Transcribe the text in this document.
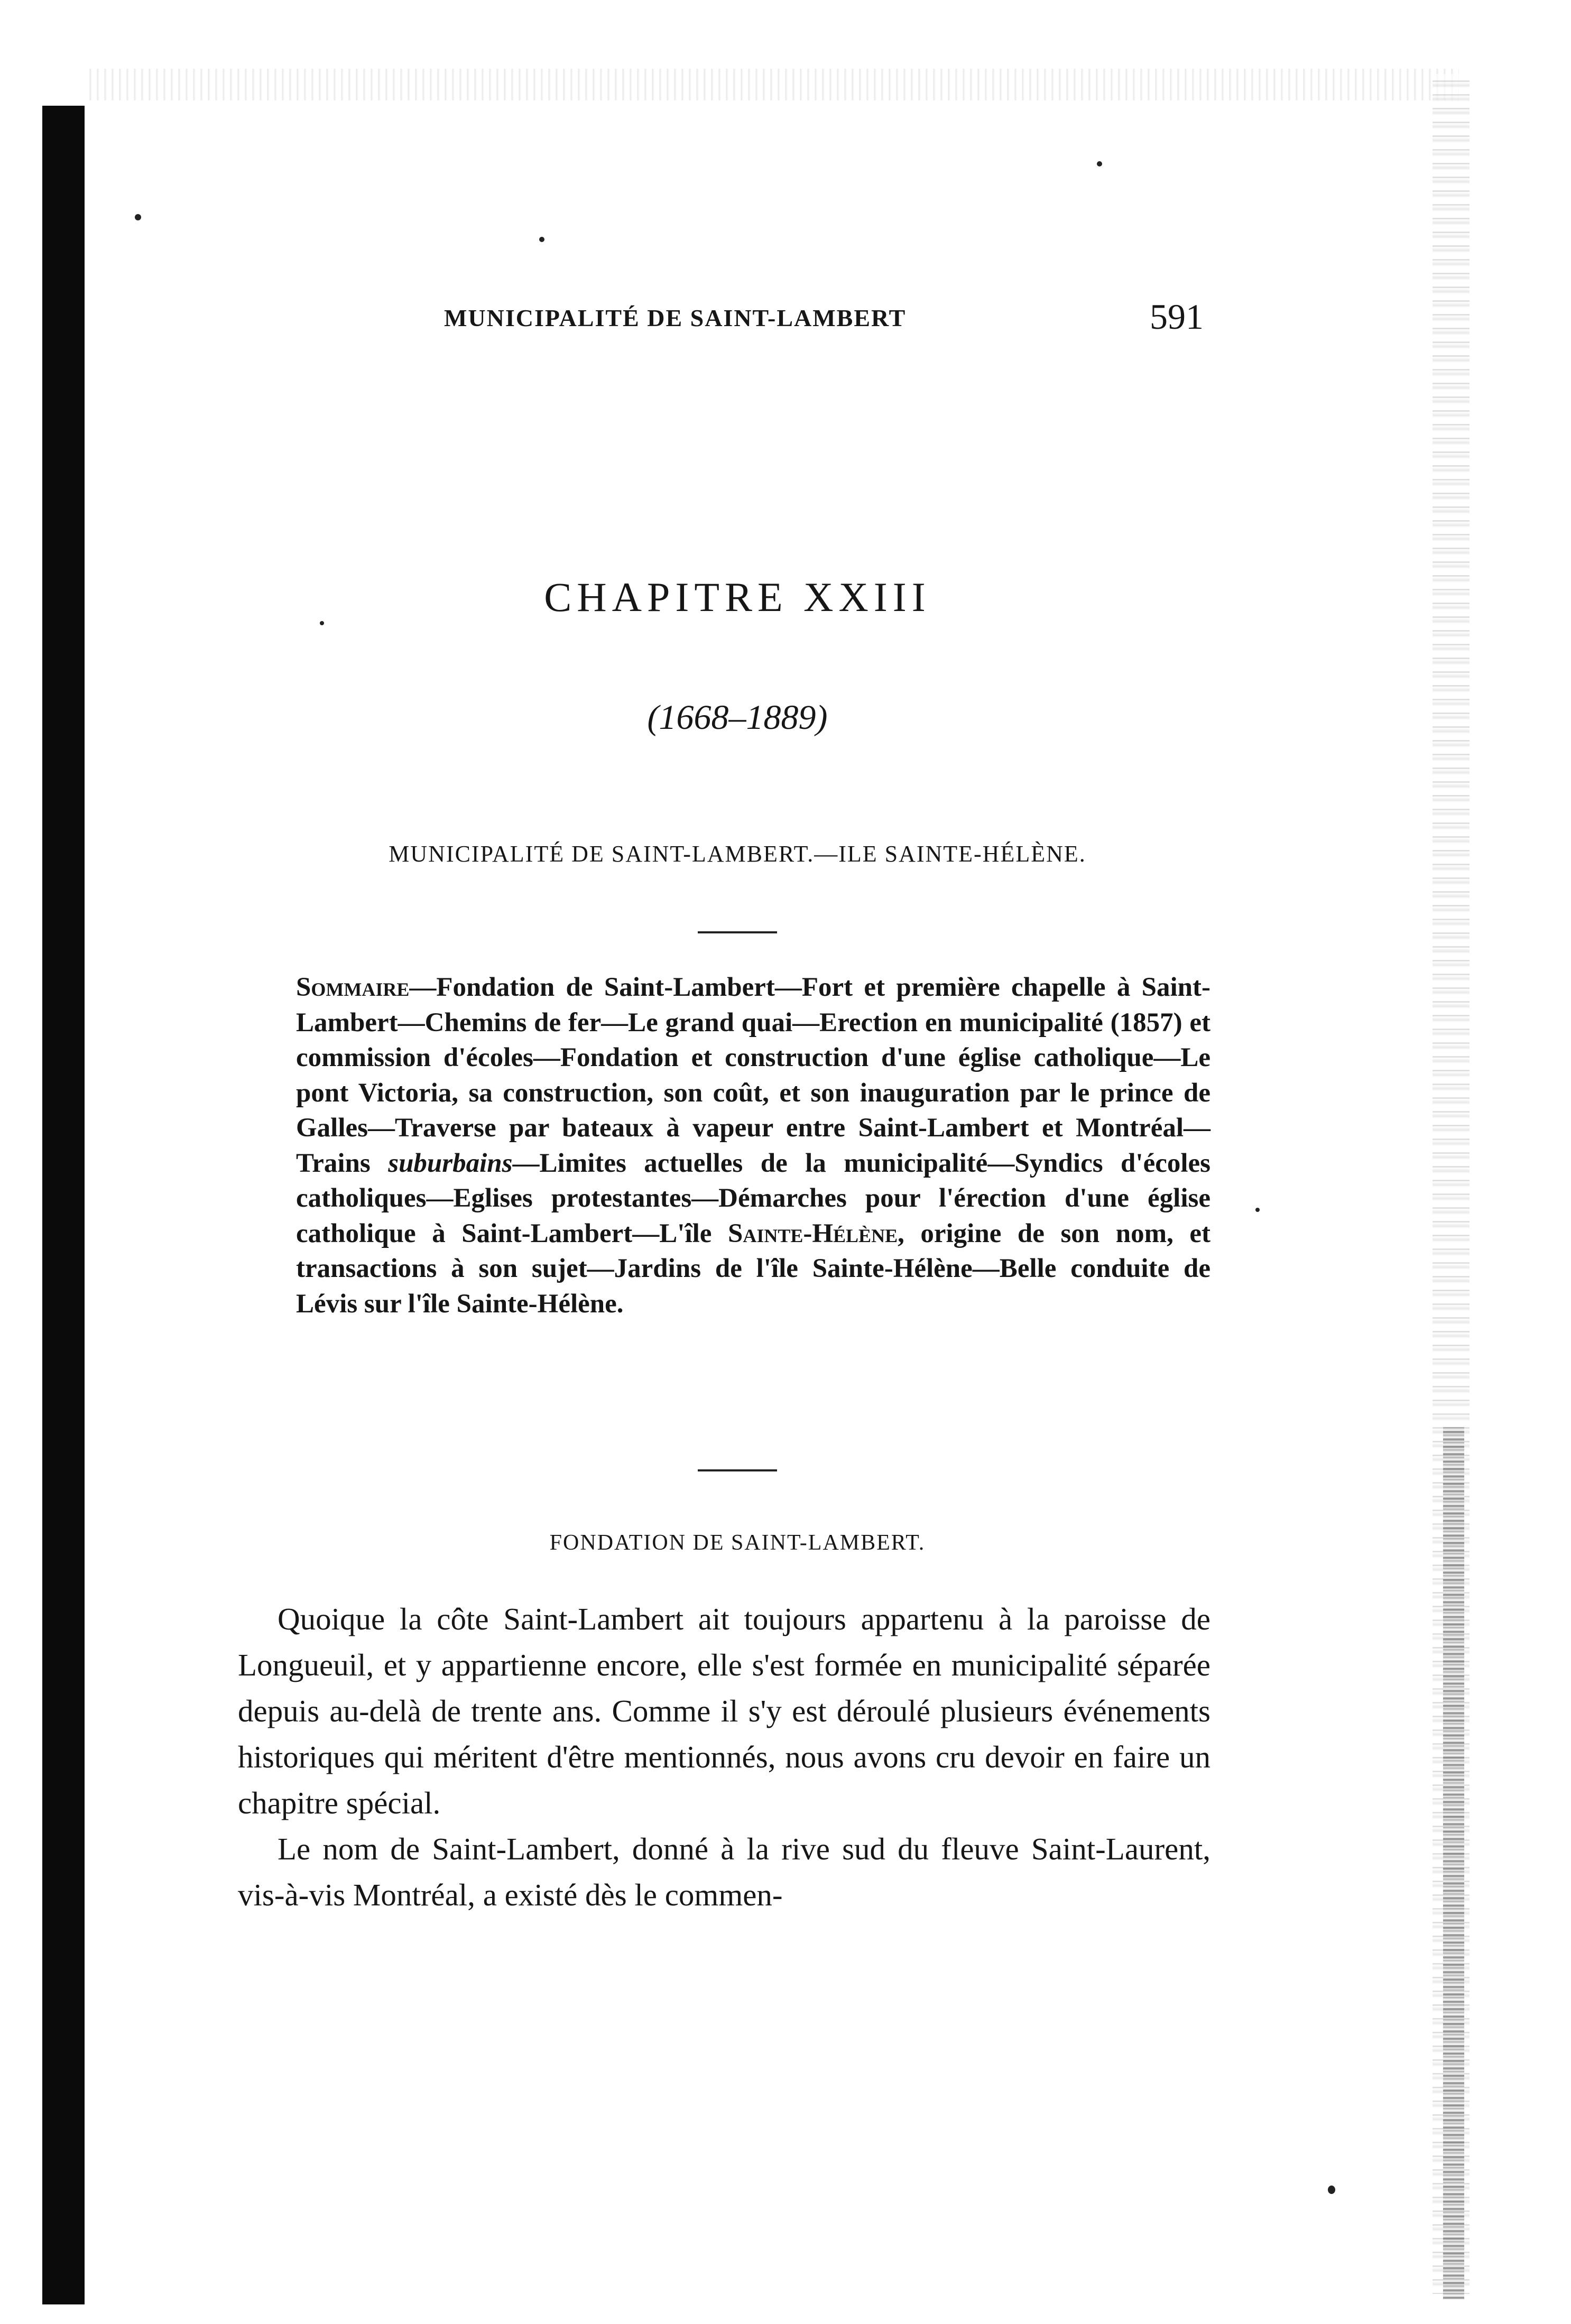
MUNICIPALITÉ DE SAINT-LAMBERT	591
CHAPITRE XXIII
(1668–1889)
MUNICIPALITÉ DE SAINT-LAMBERT.—ILE SAINTE-HÉLÈNE.

Sommaire—Fondation de Saint-Lambert—Fort et première chapelle à Saint-Lambert—Chemins de fer—Le grand quai—Erection en municipalité (1857) et commission d'écoles—Fondation et construction d'une église catholique—Le pont Victoria, sa construction, son coût, et son inauguration par le prince de Galles—Traverse par bateaux à vapeur entre Saint-Lambert et Montréal—Trains suburbains—Limites actuelles de la municipalité—Syndics d'écoles catholiques—Eglises protestantes—Démarches pour l'érection d'une église catholique à Saint-Lambert—L'île Sainte-Hélène, origine de son nom, et transactions à son sujet—Jardins de l'île Sainte-Hélène—Belle conduite de Lévis sur l'île Sainte-Hélène.

FONDATION DE SAINT-LAMBERT.

Quoique la côte Saint-Lambert ait toujours appartenu à la paroisse de Longueuil, et y appartienne encore, elle s'est formée en municipalité séparée depuis au-delà de trente ans. Comme il s'y est déroulé plusieurs événements historiques qui méritent d'être mentionnés, nous avons cru devoir en faire un chapitre spécial.

Le nom de Saint-Lambert, donné à la rive sud du fleuve Saint-Laurent, vis-à-vis Montréal, a existé dès le commen-
